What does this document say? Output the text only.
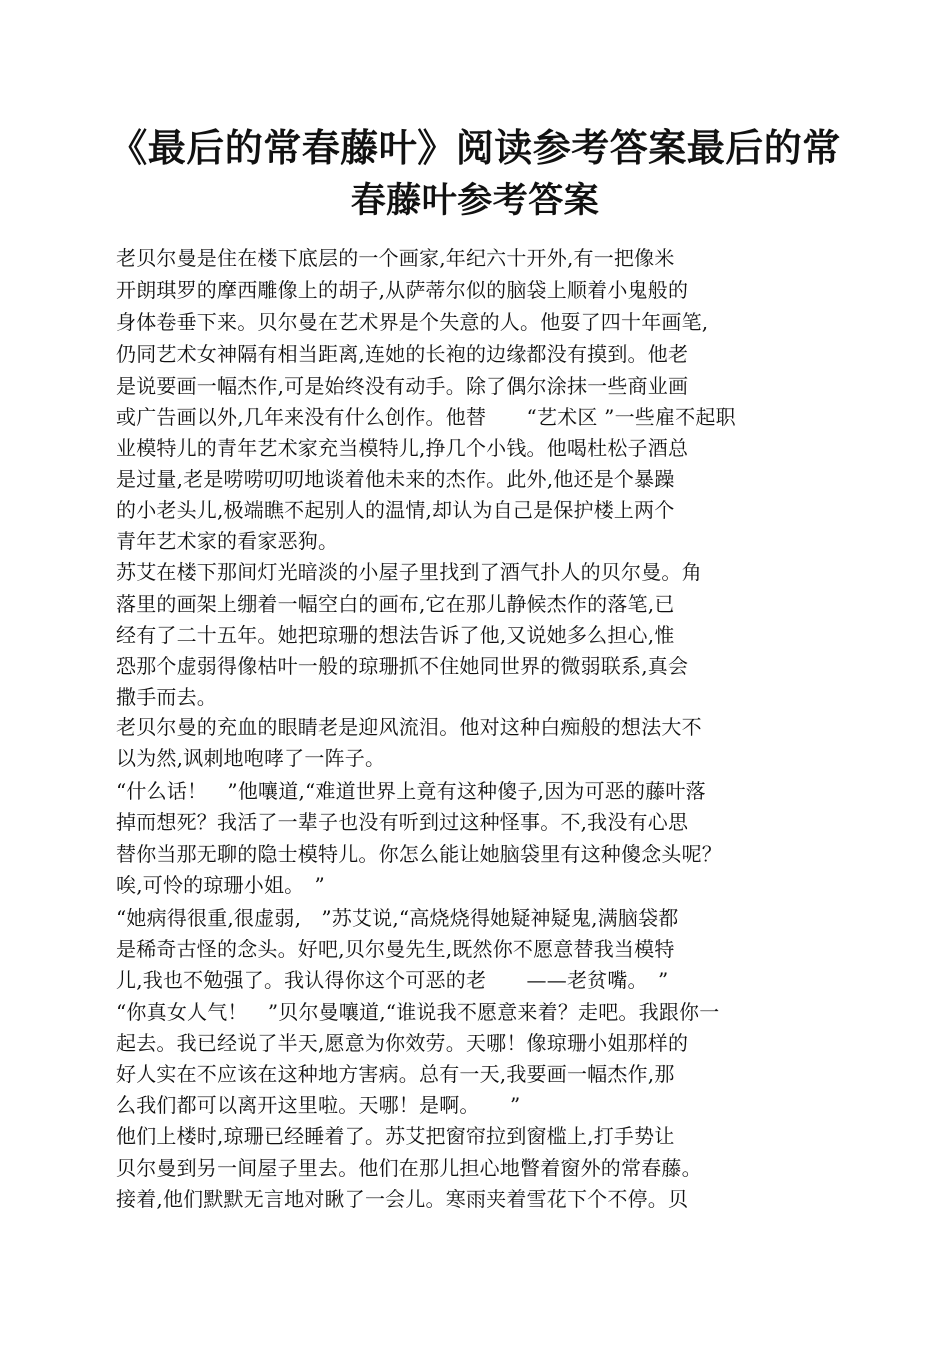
《最后的常春藤叶》阅读参考答案最后的常
春藤叶参考答案

老贝尔曼是住在楼下底层的一个画家,年纪六十开外,有一把像米

开朗琪罗的摩西雕像上的胡子,从萨蒂尔似的脑袋上顺着小鬼般的

身体卷垂下来。贝尔曼在艺术界是个失意的人。他耍了四十年画笔,

仍同艺术女神隔有相当距离,连她的长袍的边缘都没有摸到。他老

是说要画一幅杰作,可是始终没有动手。除了偶尔涂抹一些商业画

或广告画以外,几年来没有什么创作。他替　　“艺术区 ”一些雇不起职

业模特儿的青年艺术家充当模特儿,挣几个小钱。他喝杜松子酒总

是过量,老是唠唠叨叨地谈着他未来的杰作。此外,他还是个暴躁

的小老头儿,极端瞧不起别人的温情,却认为自己是保护楼上两个

青年艺术家的看家恶狗。

苏艾在楼下那间灯光暗淡的小屋子里找到了酒气扑人的贝尔曼。角

落里的画架上绷着一幅空白的画布,它在那儿静候杰作的落笔,已

经有了二十五年。她把琼珊的想法告诉了他,又说她多么担心,惟

恐那个虚弱得像枯叶一般的琼珊抓不住她同世界的微弱联系,真会

撒手而去。

老贝尔曼的充血的眼睛老是迎风流泪。他对这种白痴般的想法大不

以为然,讽刺地咆哮了一阵子。

“什么话！　”他嚷道,“难道世界上竟有这种傻子,因为可恶的藤叶落

掉而想死？我活了一辈子也没有听到过这种怪事。不,我没有心思

替你当那无聊的隐士模特儿。你怎么能让她脑袋里有这种傻念头呢？

唉,可怜的琼珊小姐。　”

“她病得很重,很虚弱,　”苏艾说,“高烧烧得她疑神疑鬼,满脑袋都

是稀奇古怪的念头。好吧,贝尔曼先生,既然你不愿意替我当模特

儿,我也不勉强了。我认得你这个可恶的老　　——老贫嘴。　”

“你真女人气！　”贝尔曼嚷道,“谁说我不愿意来着？走吧。我跟你一

起去。我已经说了半天,愿意为你效劳。天哪！像琼珊小姐那样的

好人实在不应该在这种地方害病。总有一天,我要画一幅杰作,那

么我们都可以离开这里啦。天哪！是啊。　　”

他们上楼时,琼珊已经睡着了。苏艾把窗帘拉到窗槛上,打手势让

贝尔曼到另一间屋子里去。他们在那儿担心地瞥着窗外的常春藤。

接着,他们默默无言地对瞅了一会儿。寒雨夹着雪花下个不停。贝
